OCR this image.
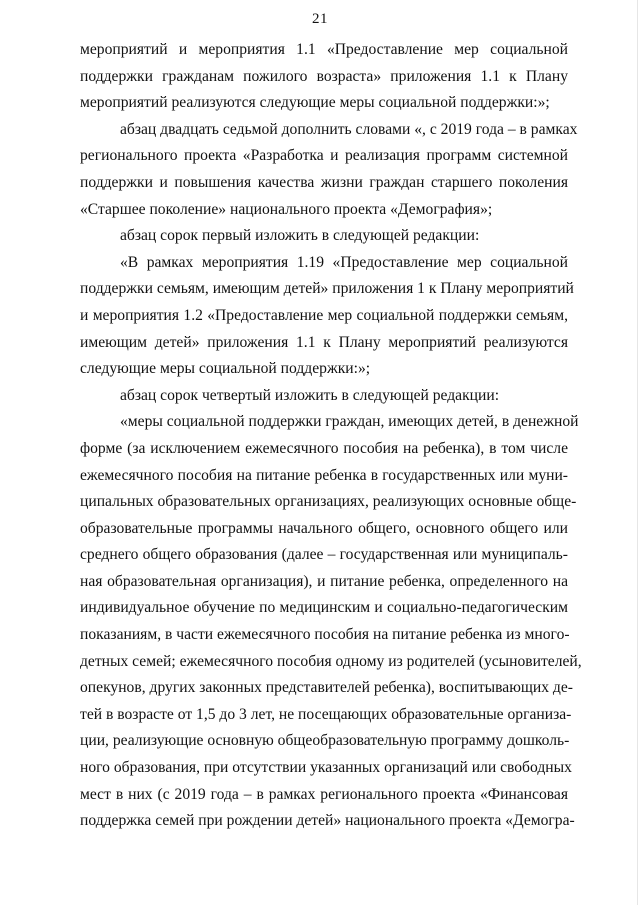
21
мероприятий и мероприятия 1.1 «Предоставление мер социальной
поддержки гражданам пожилого возраста» приложения 1.1 к Плану
мероприятий реализуются следующие меры социальной поддержки:»;
абзац двадцать седьмой дополнить словами «, с 2019 года – в рамках
регионального проекта «Разработка и реализация программ системной
поддержки и повышения качества жизни граждан старшего поколения
«Старшее поколение» национального проекта «Демография»;
абзац сорок первый изложить в следующей редакции:
«В рамках мероприятия 1.19 «Предоставление мер социальной
поддержки семьям, имеющим детей» приложения 1 к Плану мероприятий
и мероприятия 1.2 «Предоставление мер социальной поддержки семьям,
имеющим детей» приложения 1.1 к Плану мероприятий реализуются
следующие меры социальной поддержки:»;
абзац сорок четвертый изложить в следующей редакции:
«меры социальной поддержки граждан, имеющих детей, в денежной
форме (за исключением ежемесячного пособия на ребенка), в том числе
ежемесячного пособия на питание ребенка в государственных или муни-
ципальных образовательных организациях, реализующих основные обще-
образовательные программы начального общего, основного общего или
среднего общего образования (далее – государственная или муниципаль-
ная образовательная организация), и питание ребенка, определенного на
индивидуальное обучение по медицинским и социально-педагогическим
показаниям, в части ежемесячного пособия на питание ребенка из много-
детных семей; ежемесячного пособия одному из родителей (усыновителей,
опекунов, других законных представителей ребенка), воспитывающих де-
тей в возрасте от 1,5 до 3 лет, не посещающих образовательные организа-
ции, реализующие основную общеобразовательную программу дошколь-
ного образования, при отсутствии указанных организаций или свободных
мест в них (с 2019 года – в рамках регионального проекта «Финансовая
поддержка семей при рождении детей» национального проекта «Демогра-
